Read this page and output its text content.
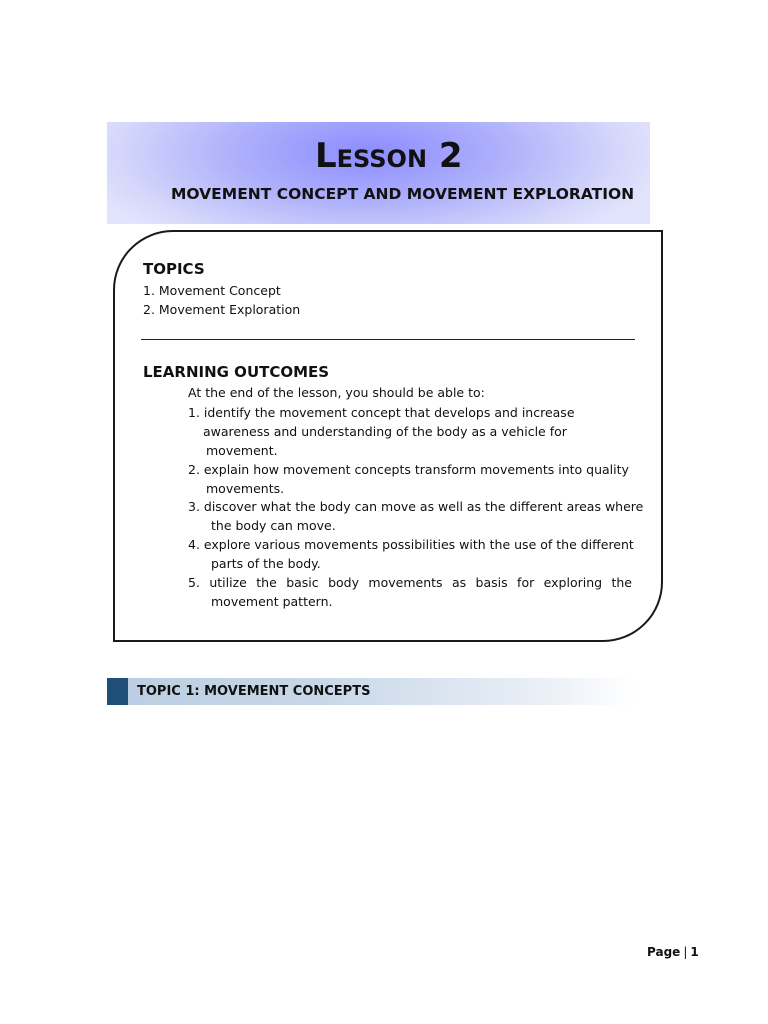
Lesson 2
MOVEMENT CONCEPT AND MOVEMENT EXPLORATION
TOPICS
1. Movement Concept
2. Movement Exploration
LEARNING OUTCOMES
At the end of the lesson, you should be able to:
1. identify the movement concept that develops and increase
awareness and understanding of the body as a vehicle for
movement.
2. explain how movement concepts transform movements into quality
movements.
3. discover what the body can move as well as the different areas where
the body can move.
4. explore various movements possibilities with the use of the different
parts of the body.
5. utilize the basic body movements as basis for exploring the
movement pattern.
TOPIC 1: MOVEMENT CONCEPTS
Page | 1
